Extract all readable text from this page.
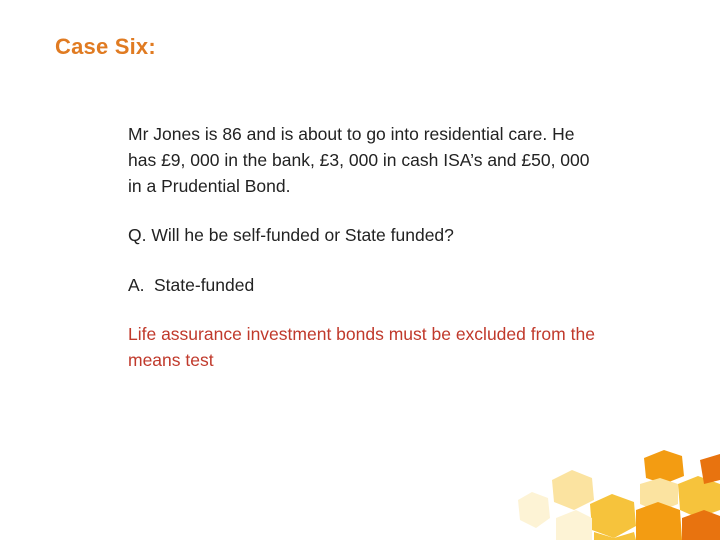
Case Six:
Mr Jones is 86 and is about to go into residential care. He has £9, 000 in the bank, £3, 000 in cash ISA’s and £50, 000 in a Prudential Bond.
Q. Will he be self-funded or State funded?
A. State-funded
Life assurance investment bonds must be excluded from the means test
